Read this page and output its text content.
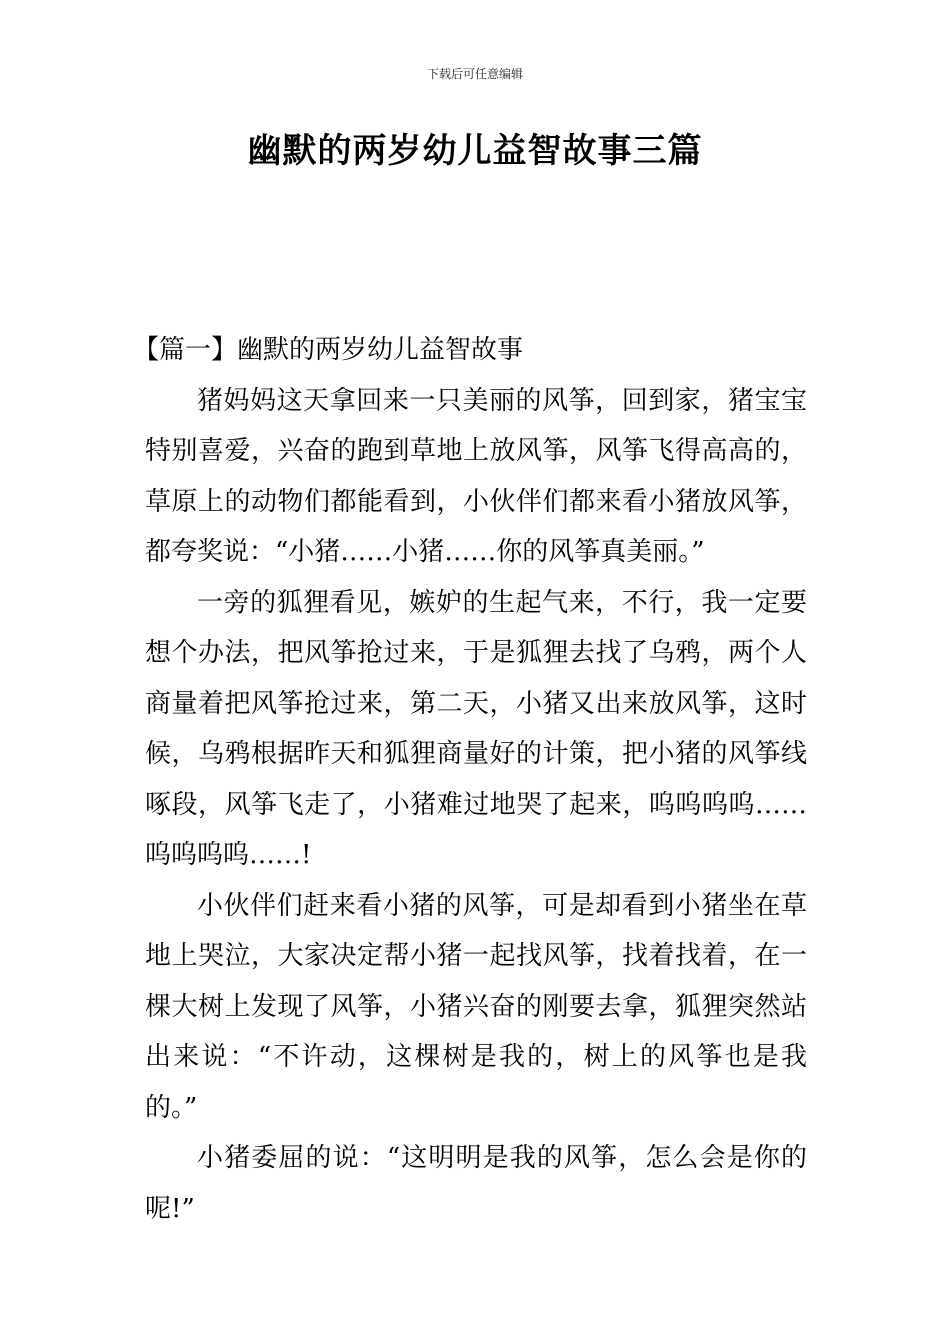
下载后可任意编辑
幽默的两岁幼儿益智故事三篇

【篇一】幽默的两岁幼儿益智故事

猪妈妈这天拿回来一只美丽的风筝，回到家，猪宝宝特别喜爱，兴奋的跑到草地上放风筝，风筝飞得高高的，草原上的动物们都能看到，小伙伴们都来看小猪放风筝，都夸奖说：“小猪……小猪……你的风筝真美丽。”

一旁的狐狸看见，嫉妒的生起气来，不行，我一定要想个办法，把风筝抢过来，于是狐狸去找了乌鸦，两个人商量着把风筝抢过来，第二天，小猪又出来放风筝，这时候，乌鸦根据昨天和狐狸商量好的计策，把小猪的风筝线啄段，风筝飞走了，小猪难过地哭了起来，呜呜呜呜……呜呜呜呜……!

小伙伴们赶来看小猪的风筝，可是却看到小猪坐在草地上哭泣，大家决定帮小猪一起找风筝，找着找着，在一棵大树上发现了风筝，小猪兴奋的刚要去拿，狐狸突然站出来说：“不许动，这棵树是我的，树上的风筝也是我的。”

小猪委屈的说：“这明明是我的风筝，怎么会是你的呢!”
